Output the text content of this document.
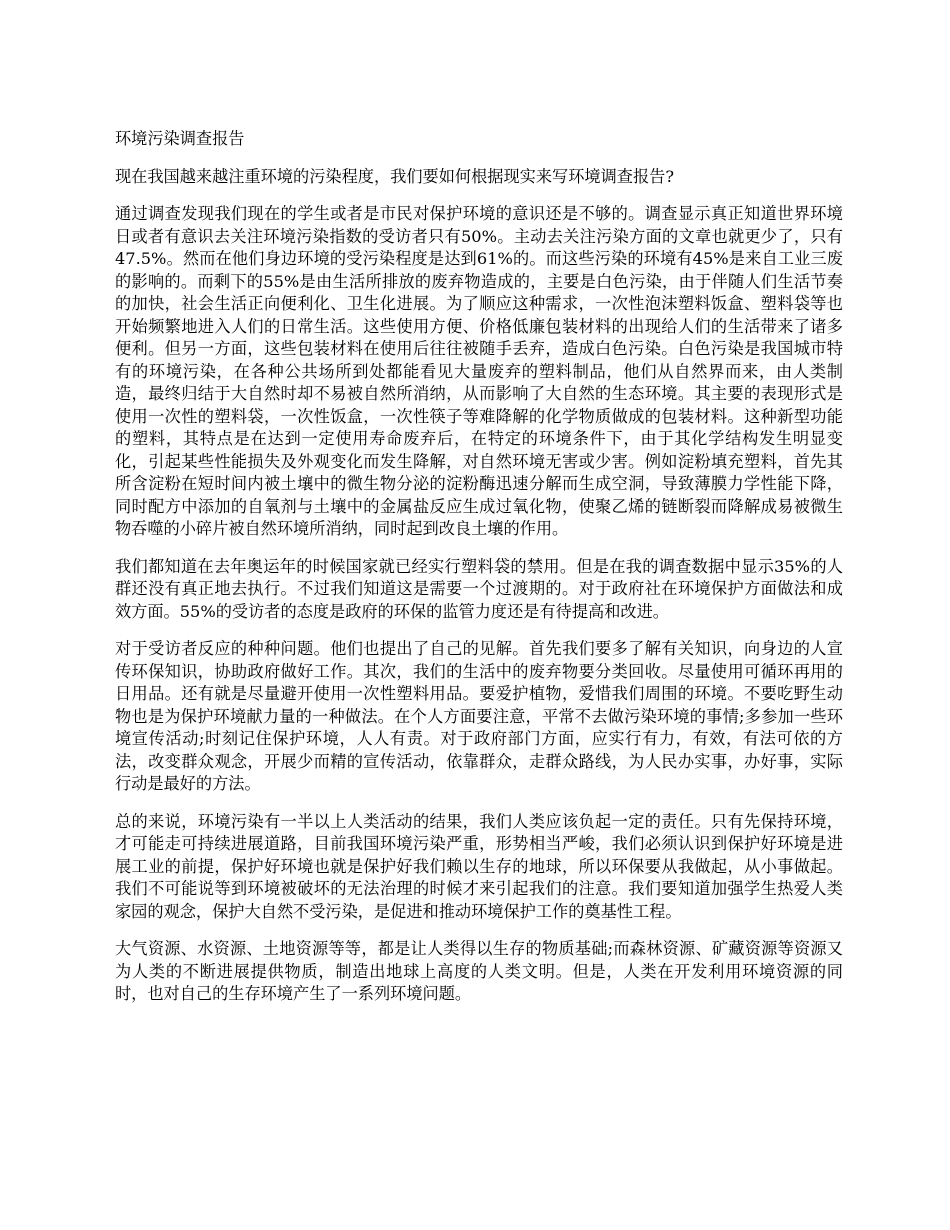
环境污染调查报告
现在我国越来越注重环境的污染程度，我们要如何根据现实来写环境调查报告?
通过调查发现我们现在的学生或者是市民对保护环境的意识还是不够的。调查显示真正知道世界环境日或者有意识去关注环境污染指数的受访者只有50%。主动去关注污染方面的文章也就更少了，只有47.5%。然而在他们身边环境的受污染程度是达到61%的。而这些污染的环境有45%是来自工业三废的影响的。而剩下的55%是由生活所排放的废弃物造成的，主要是白色污染，由于伴随人们生活节奏的加快，社会生活正向便利化、卫生化进展。为了顺应这种需求，一次性泡沫塑料饭盒、塑料袋等也开始频繁地进入人们的日常生活。这些使用方便、价格低廉包装材料的出现给人们的生活带来了诸多便利。但另一方面，这些包装材料在使用后往往被随手丢弃，造成白色污染。白色污染是我国城市特有的环境污染，在各种公共场所到处都能看见大量废弃的塑料制品，他们从自然界而来，由人类制造，最终归结于大自然时却不易被自然所消纳，从而影响了大自然的生态环境。其主要的表现形式是使用一次性的塑料袋，一次性饭盒，一次性筷子等难降解的化学物质做成的包装材料。这种新型功能的塑料，其特点是在达到一定使用寿命废弃后，在特定的环境条件下，由于其化学结构发生明显变化，引起某些性能损失及外观变化而发生降解，对自然环境无害或少害。例如淀粉填充塑料，首先其所含淀粉在短时间内被土壤中的微生物分泌的淀粉酶迅速分解而生成空洞，导致薄膜力学性能下降，同时配方中添加的自氧剂与土壤中的金属盐反应生成过氧化物，使聚乙烯的链断裂而降解成易被微生物吞噬的小碎片被自然环境所消纳，同时起到改良土壤的作用。
我们都知道在去年奥运年的时候国家就已经实行塑料袋的禁用。但是在我的调查数据中显示35%的人群还没有真正地去执行。不过我们知道这是需要一个过渡期的。对于政府社在环境保护方面做法和成效方面。55%的受访者的态度是政府的环保的监管力度还是有待提高和改进。
对于受访者反应的种种问题。他们也提出了自己的见解。首先我们要多了解有关知识，向身边的人宣传环保知识，协助政府做好工作。其次，我们的生活中的废弃物要分类回收。尽量使用可循环再用的日用品。还有就是尽量避开使用一次性塑料用品。要爱护植物，爱惜我们周围的环境。不要吃野生动物也是为保护环境献力量的一种做法。在个人方面要注意，平常不去做污染环境的事情;多参加一些环境宣传活动;时刻记住保护环境，人人有责。对于政府部门方面，应实行有力，有效，有法可依的方法，改变群众观念，开展少而精的宣传活动，依靠群众，走群众路线，为人民办实事，办好事，实际行动是最好的方法。
总的来说，环境污染有一半以上人类活动的结果，我们人类应该负起一定的责任。只有先保持环境，才可能走可持续进展道路，目前我国环境污染严重，形势相当严峻，我们必须认识到保护好环境是进展工业的前提，保护好环境也就是保护好我们赖以生存的地球，所以环保要从我做起，从小事做起。我们不可能说等到环境被破坏的无法治理的时候才来引起我们的注意。我们要知道加强学生热爱人类家园的观念，保护大自然不受污染，是促进和推动环境保护工作的奠基性工程。
大气资源、水资源、土地资源等等，都是让人类得以生存的物质基础;而森林资源、矿藏资源等资源又为人类的不断进展提供物质，制造出地球上高度的人类文明。但是，人类在开发利用环境资源的同时，也对自己的生存环境产生了一系列环境问题。
